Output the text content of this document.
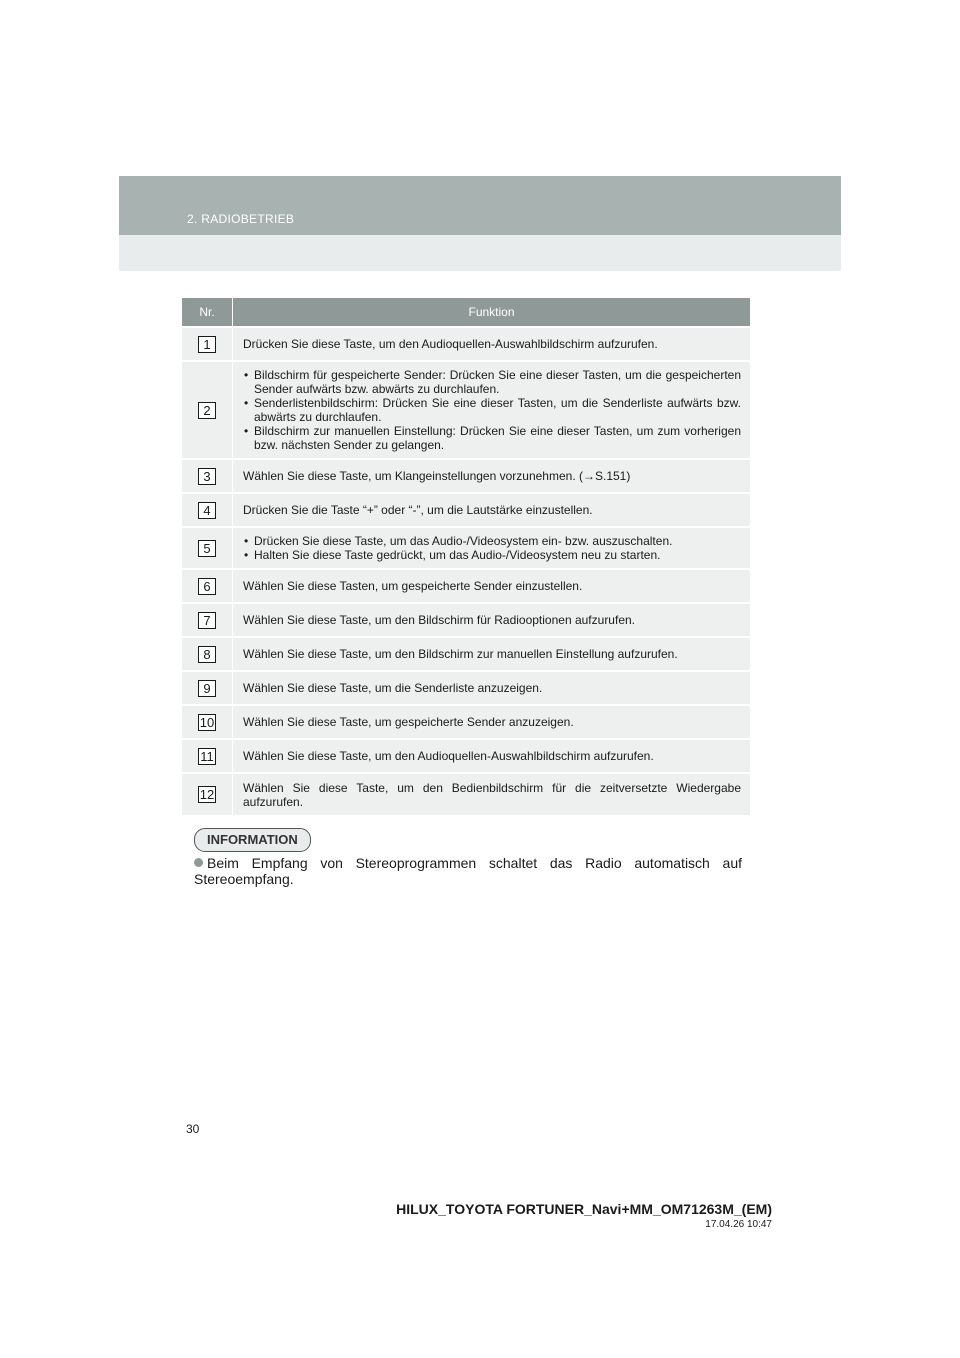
2. RADIOBETRIEB
Nr.	Funktion
1	Drücken Sie diese Taste, um den Audioquellen-Auswahlbildschirm aufzurufen.
2	• Bildschirm für gespeicherte Sender: Drücken Sie eine dieser Tasten, um die gespeicherten Sender aufwärts bzw. abwärts zu durchlaufen.
• Senderlistenbildschirm: Drücken Sie eine dieser Tasten, um die Senderliste aufwärts bzw. abwärts zu durchlaufen.
• Bildschirm zur manuellen Einstellung: Drücken Sie eine dieser Tasten, um zum vorherigen bzw. nächsten Sender zu gelangen.

3	Wählen Sie diese Taste, um Klangeinstellungen vorzunehmen. (→S.151)
4	Drücken Sie die Taste “+” oder “-”, um die Lautstärke einzustellen.
5	• Drücken Sie diese Taste, um das Audio-/Videosystem ein- bzw. auszuschalten.
• Halten Sie diese Taste gedrückt, um das Audio-/Videosystem neu zu starten.

6	Wählen Sie diese Tasten, um gespeicherte Sender einzustellen.
7	Wählen Sie diese Taste, um den Bildschirm für Radiooptionen aufzurufen.
8	Wählen Sie diese Taste, um den Bildschirm zur manuellen Einstellung aufzurufen.
9	Wählen Sie diese Taste, um die Senderliste anzuzeigen.
10	Wählen Sie diese Taste, um gespeicherte Sender anzuzeigen.
11	Wählen Sie diese Taste, um den Audioquellen-Auswahlbildschirm aufzurufen.
12	Wählen Sie diese Taste, um den Bedienbildschirm für die zeitversetzte Wiedergabe aufzurufen.
INFORMATION
Beim Empfang von Stereoprogrammen schaltet das Radio automatisch auf Stereoempfang.
30
HILUX_TOYOTA FORTUNER_Navi+MM_OM71263M_(EM)
17.04.26 10:47
